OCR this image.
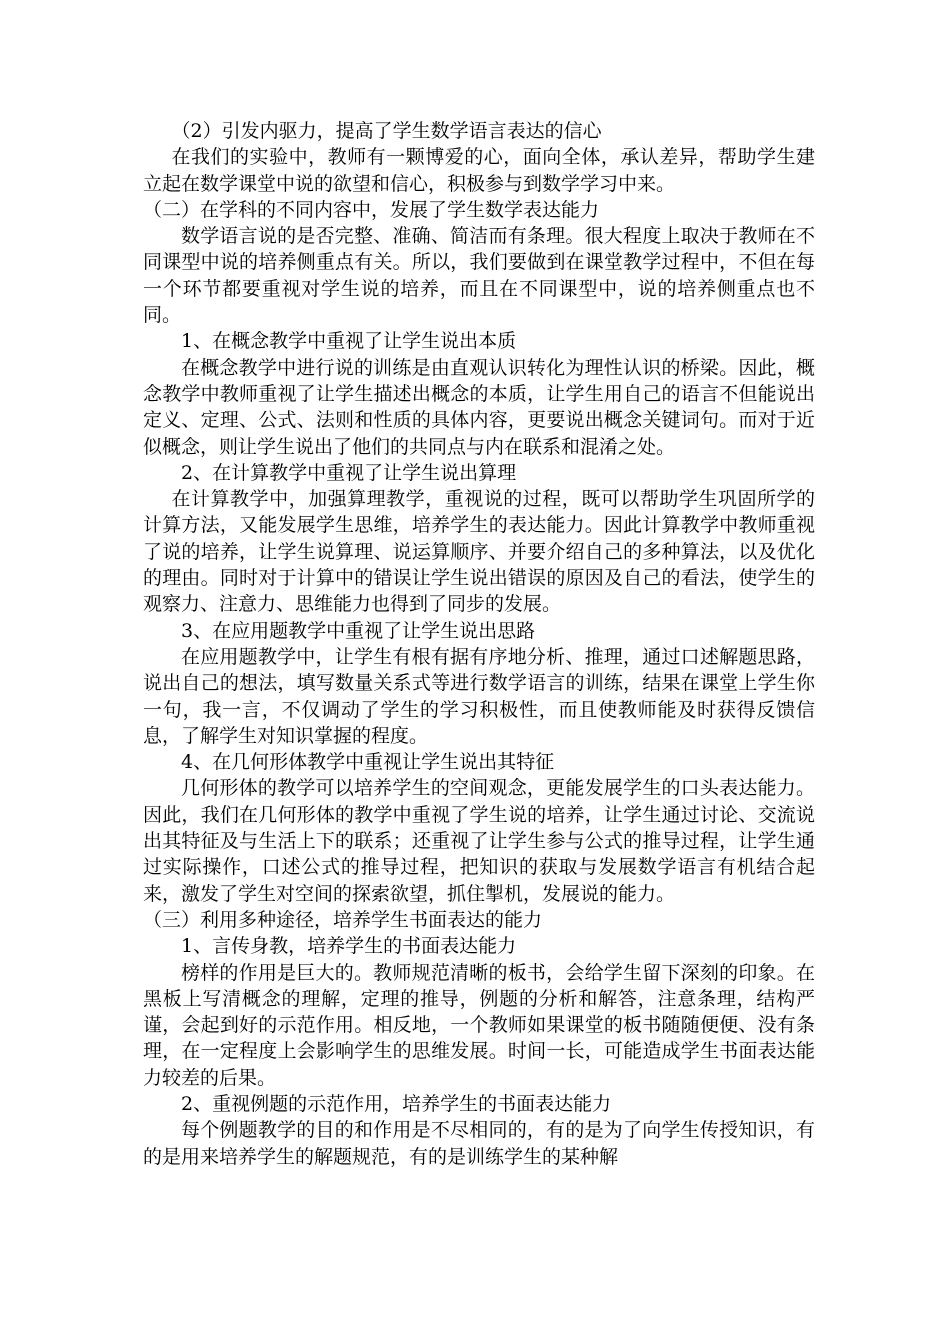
（2）引发内驱力，提高了学生数学语言表达的信心

在我们的实验中，教师有一颗博爱的心，面向全体，承认差异，帮助学生建立起在数学课堂中说的欲望和信心，积极参与到数学学习中来。

（二）在学科的不同内容中，发展了学生数学表达能力

数学语言说的是否完整、准确、简洁而有条理。很大程度上取决于教师在不同课型中说的培养侧重点有关。所以，我们要做到在课堂教学过程中，不但在每一个环节都要重视对学生说的培养，而且在不同课型中，说的培养侧重点也不同。

1、在概念教学中重视了让学生说出本质

在概念教学中进行说的训练是由直观认识转化为理性认识的桥梁。因此，概念教学中教师重视了让学生描述出概念的本质，让学生用自己的语言不但能说出定义、定理、公式、法则和性质的具体内容，更要说出概念关键词句。而对于近似概念，则让学生说出了他们的共同点与内在联系和混淆之处。

2、在计算教学中重视了让学生说出算理

在计算教学中，加强算理教学，重视说的过程，既可以帮助学生巩固所学的计算方法，又能发展学生思维，培养学生的表达能力。因此计算教学中教师重视了说的培养，让学生说算理、说运算顺序、并要介绍自己的多种算法，以及优化的理由。同时对于计算中的错误让学生说出错误的原因及自己的看法，使学生的观察力、注意力、思维能力也得到了同步的发展。

3、在应用题教学中重视了让学生说出思路

在应用题教学中，让学生有根有据有序地分析、推理，通过口述解题思路，说出自己的想法，填写数量关系式等进行数学语言的训练，结果在课堂上学生你一句，我一言，不仅调动了学生的学习积极性，而且使教师能及时获得反馈信息，了解学生对知识掌握的程度。

4、在几何形体教学中重视让学生说出其特征

几何形体的教学可以培养学生的空间观念，更能发展学生的口头表达能力。因此，我们在几何形体的教学中重视了学生说的培养，让学生通过讨论、交流说出其特征及与生活上下的联系；还重视了让学生参与公式的推导过程，让学生通过实际操作，口述公式的推导过程，把知识的获取与发展数学语言有机结合起来，激发了学生对空间的探索欲望，抓住掣机，发展说的能力。

（三）利用多种途径，培养学生书面表达的能力

1、言传身教，培养学生的书面表达能力

榜样的作用是巨大的。教师规范清晰的板书，会给学生留下深刻的印象。在黑板上写清概念的理解，定理的推导，例题的分析和解答，注意条理，结构严谨，会起到好的示范作用。相反地，一个教师如果课堂的板书随随便便、没有条理，在一定程度上会影响学生的思维发展。时间一长，可能造成学生书面表达能力较差的后果。

2、重视例题的示范作用，培养学生的书面表达能力

每个例题教学的目的和作用是不尽相同的，有的是为了向学生传授知识，有的是用来培养学生的解题规范，有的是训练学生的某种解
